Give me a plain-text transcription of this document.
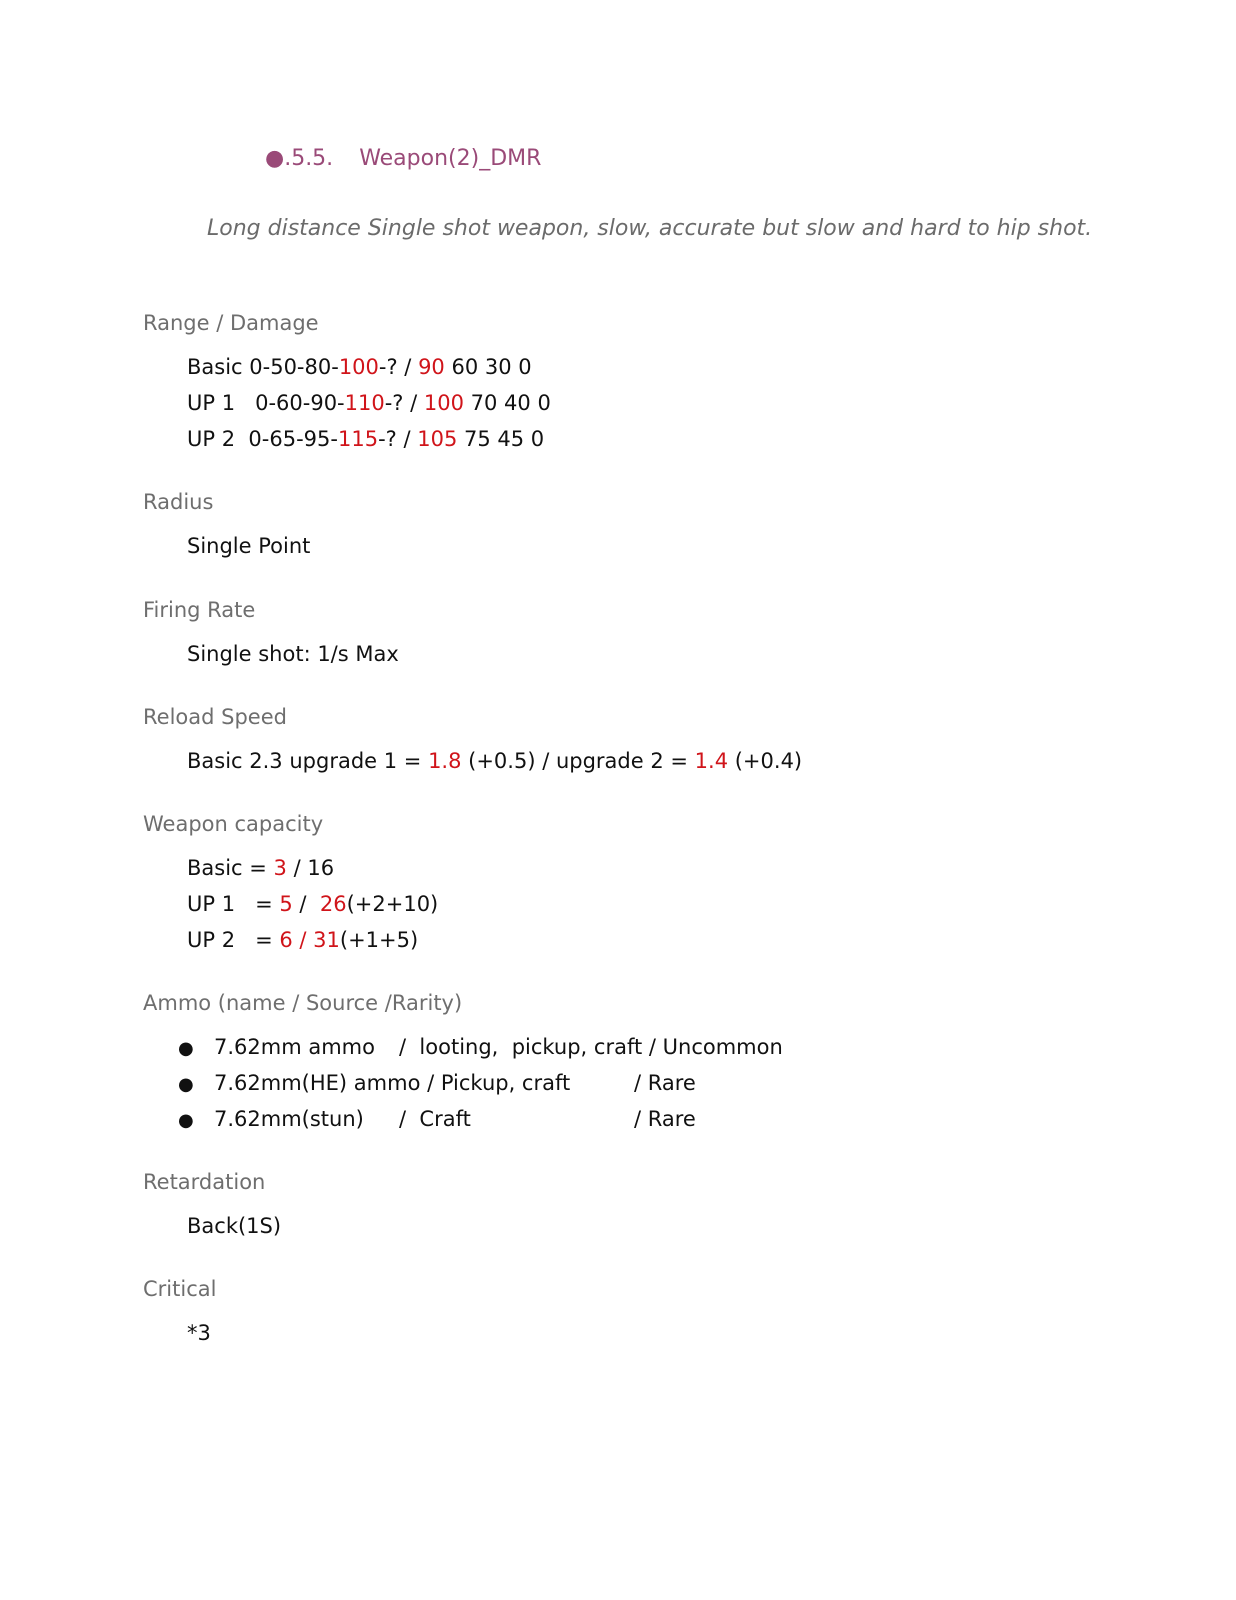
●.5.5. Weapon(2)_DMR
Long distance Single shot weapon, slow, accurate but slow and hard to hip shot.
Range / Damage
Basic 0-50-80-100-? / 90 60 30 0
UP 1   0-60-90-110-? / 100 70 40 0
UP 2  0-65-95-115-? / 105 75 45 0
Radius
Single Point
Firing Rate
Single shot: 1/s Max
Reload Speed
Basic 2.3 upgrade 1 = 1.8 (+0.5) / upgrade 2 = 1.4 (+0.4)
Weapon capacity
Basic = 3 / 16
UP 1   = 5 /  26(+2+10)
UP 2   = 6 / 31(+1+5)
Ammo (name / Source /Rarity)
● 7.62mm ammo /  looting,  pickup, craft / Uncommon
● 7.62mm(HE) ammo / Pickup, craft	/ Rare
● 7.62mm(stun) /  Craft	/ Rare
Retardation
Back(1S)
Critical
*3
